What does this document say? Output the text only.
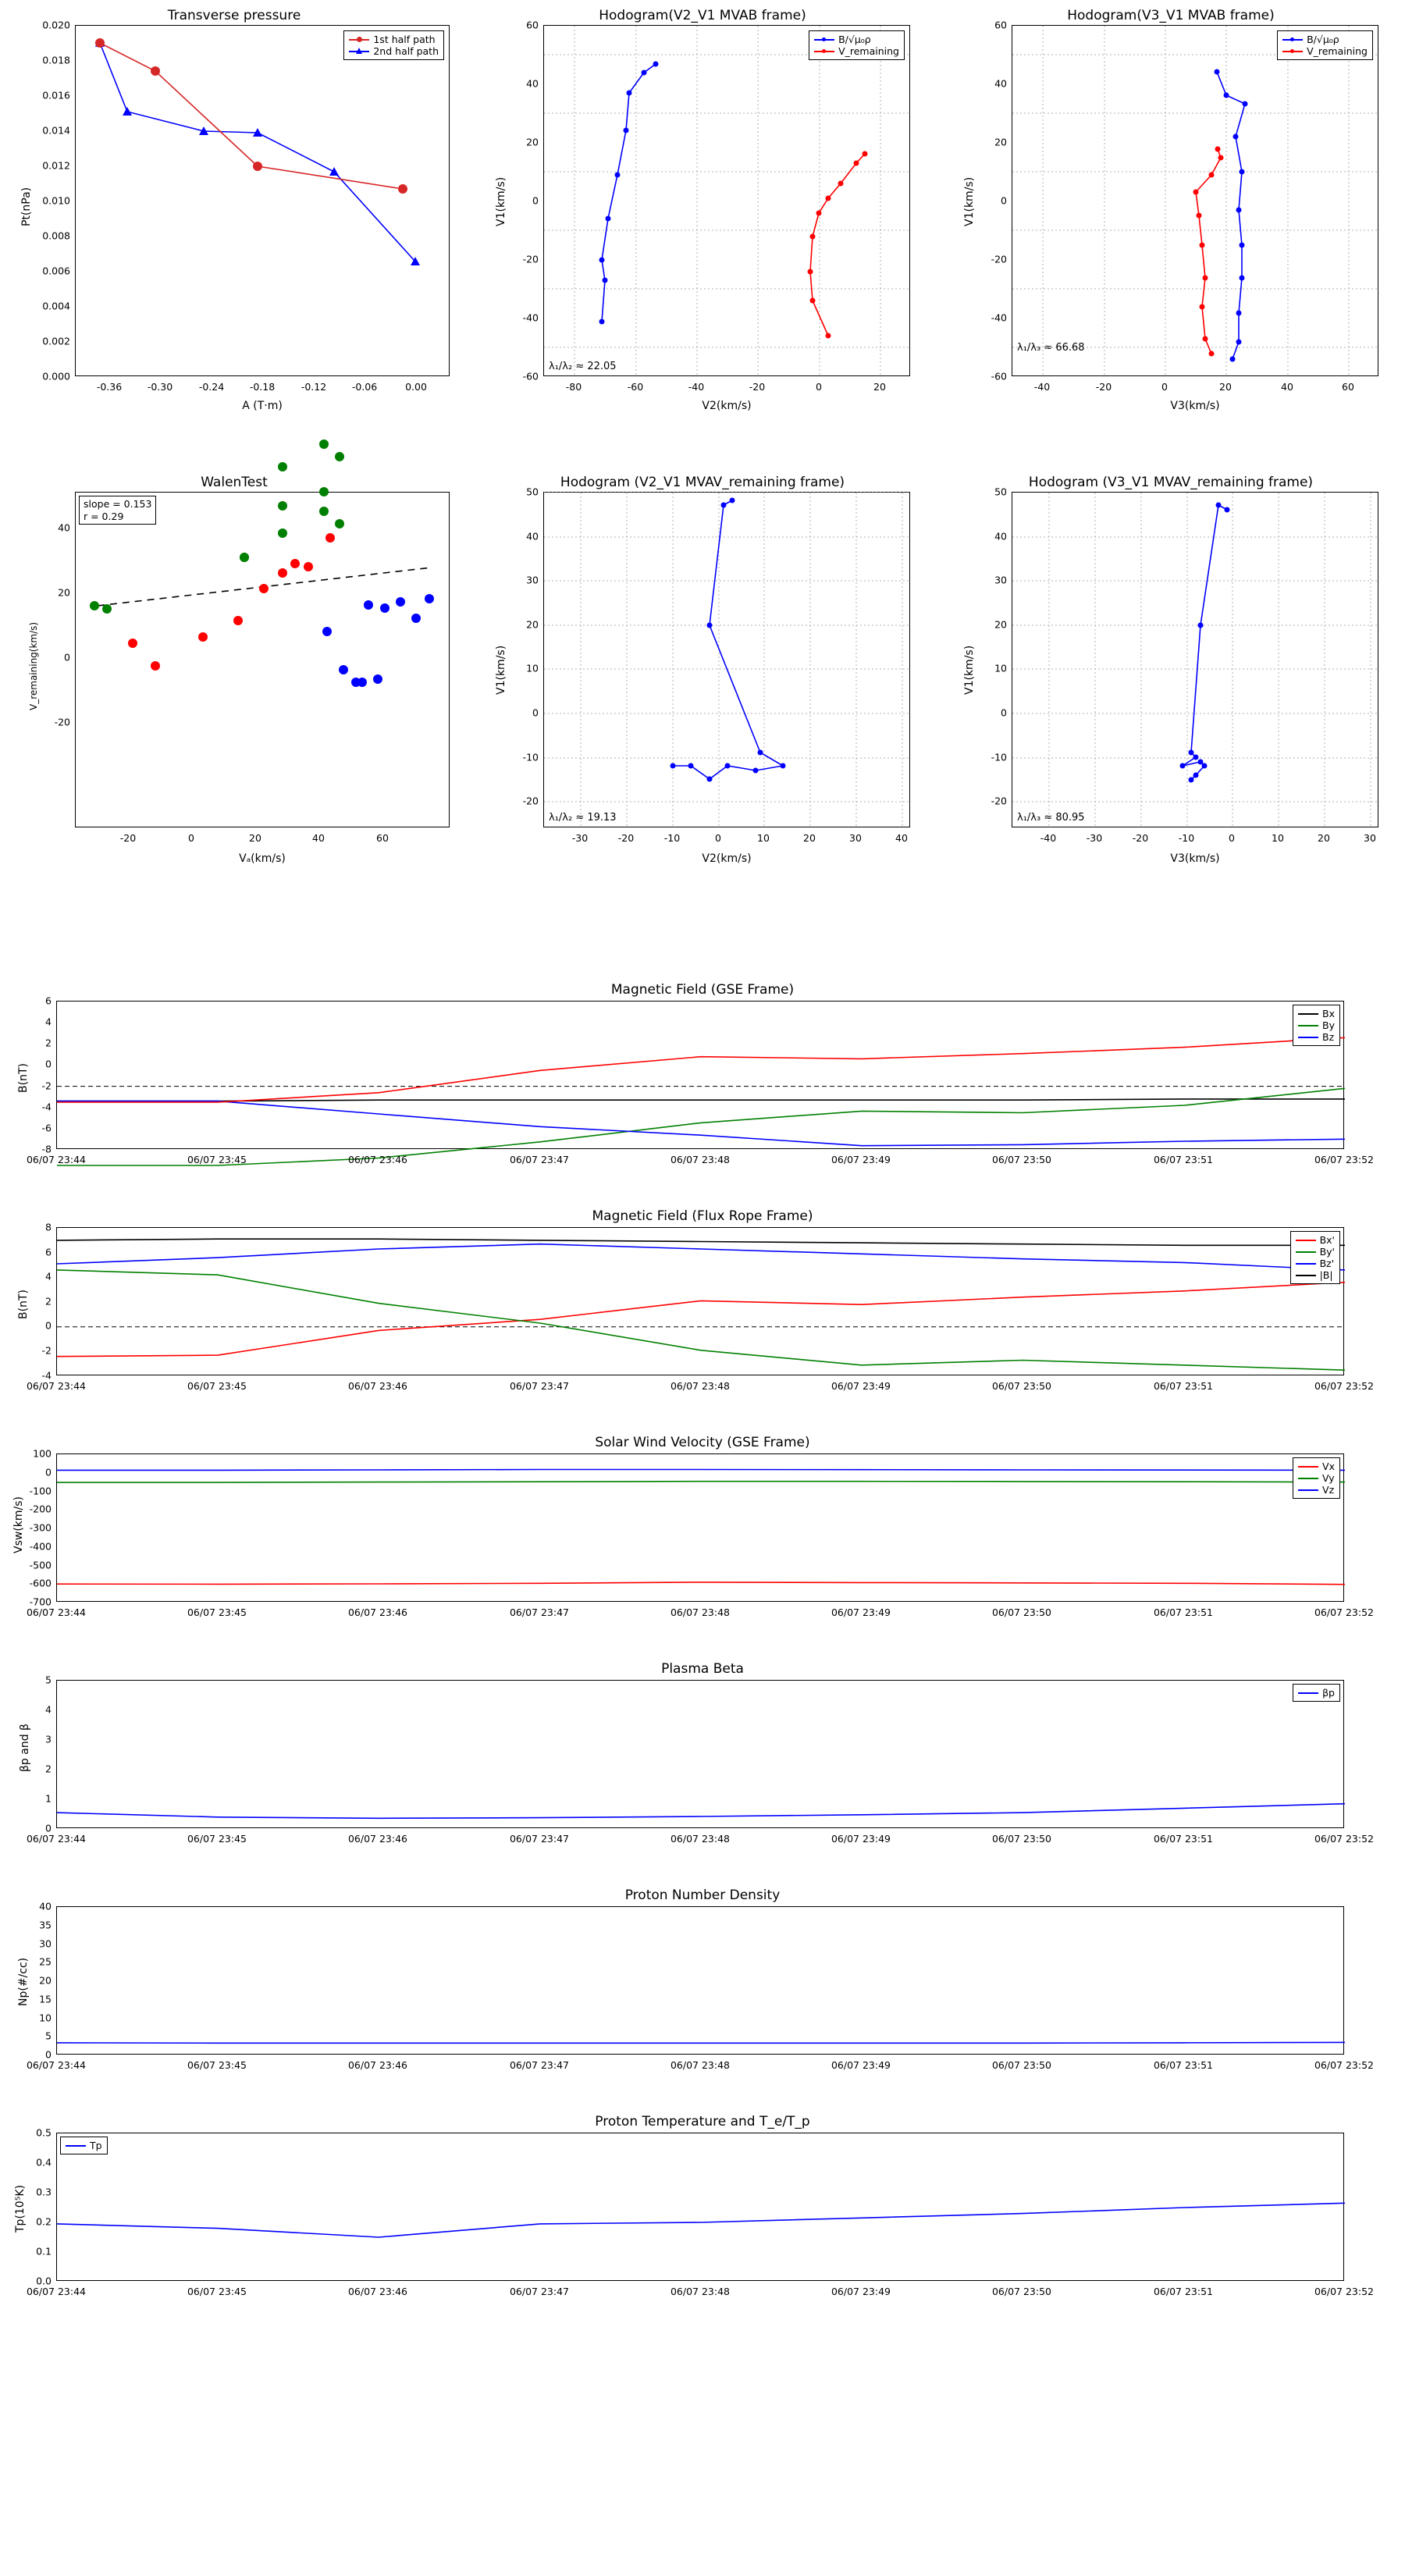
Transverse pressure
1st half path
2nd half path
Pt(nPa)
A (T·m)
0.020
0.018
0.016
0.014
0.012
0.010
0.008
0.006
0.004
0.002
0.000
-0.36	-0.30	-0.24	-0.18	-0.12	-0.06	0.00
Hodogram(V2_V1 MVAB frame)
B/√μ₀ρ
V_remaining
λ₁/λ₂ ≈ 22.05
V1(km/s)
V2(km/s)
60
40
20
0
-20
-40
-60
-80	-60	-40	-20	0	20
Hodogram(V3_V1 MVAB frame)
B/√μ₀ρ
V_remaining
λ₁/λ₃ ≈ 66.68
V1(km/s)
V3(km/s)
60
40
20
0
-20
-40
-60
-40	-20	0	20	40	60
WalenTest
slope = 0.153
r = 0.29
V_remaining(km/s)
Vₐ(km/s)
40
20
0
-20
-20	0	20	40	60
Hodogram (V2_V1 MVAV_remaining frame)
λ₁/λ₂ ≈ 19.13
V1(km/s)
V2(km/s)
50
40
30
20
10
0
-10
-20
-30	-20	-10	0	10	20	30	40
Hodogram (V3_V1 MVAV_remaining frame)
λ₁/λ₃ ≈ 80.95
V1(km/s)
V3(km/s)
50
40
30
20
10
0
-10
-20
-40	-30	-20	-10	0	10	20	30
Magnetic Field (GSE Frame)
Bx
By
Bz
B(nT)
6
4
2
0
-2
-4
-6
-8
06/07 23:44	06/07 23:45	06/07 23:46	06/07 23:47	06/07 23:48	06/07 23:49	06/07 23:50	06/07 23:51	06/07 23:52
Magnetic Field (Flux Rope Frame)
Bx'
By'
Bz'
|B|
B(nT)
8
6
4
2
0
-2
-4
06/07 23:44	06/07 23:45	06/07 23:46	06/07 23:47	06/07 23:48	06/07 23:49	06/07 23:50	06/07 23:51	06/07 23:52
Solar Wind Velocity (GSE Frame)
Vx
Vy
Vz
Vsw(km/s)
100
0
-100
-200
-300
-400
-500
-600
-700
06/07 23:44	06/07 23:45	06/07 23:46	06/07 23:47	06/07 23:48	06/07 23:49	06/07 23:50	06/07 23:51	06/07 23:52
Plasma Beta
βp
βp and β
5
4
3
2
1
0
06/07 23:44	06/07 23:45	06/07 23:46	06/07 23:47	06/07 23:48	06/07 23:49	06/07 23:50	06/07 23:51	06/07 23:52
Proton Number Density
Np(#/cc)
40
35
30
25
20
15
10
5
0
06/07 23:44	06/07 23:45	06/07 23:46	06/07 23:47	06/07 23:48	06/07 23:49	06/07 23:50	06/07 23:51	06/07 23:52
Proton Temperature and T_e/T_p
Tp
Tp(10⁵K)
0.5
0.4
0.3
0.2
0.1
0.0
06/07 23:44	06/07 23:45	06/07 23:46	06/07 23:47	06/07 23:48	06/07 23:49	06/07 23:50	06/07 23:51	06/07 23:52
